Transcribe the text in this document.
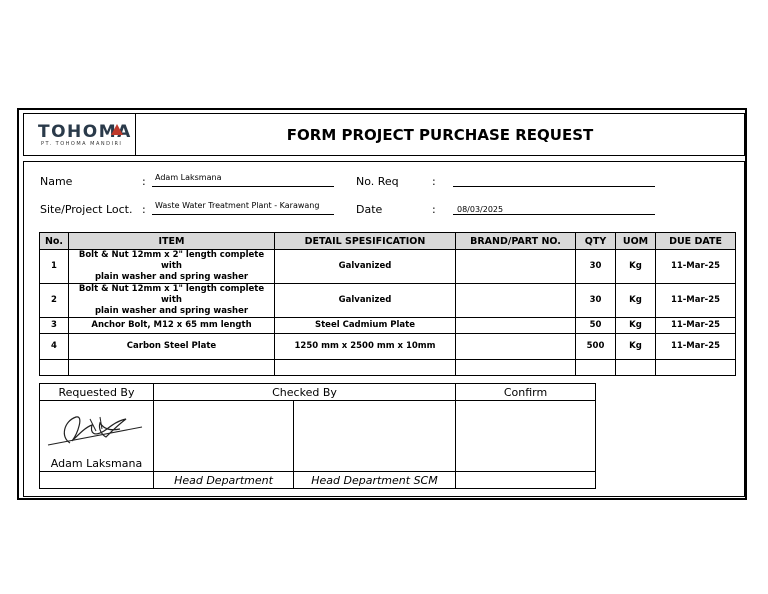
TOHOMA
PT. TOHOMA MANDIRI
FORM PROJECT PURCHASE REQUEST
Name	: Adam Laksmana
Site/Project Loct. : Waste Water Treatment Plant - Karawang
No. Req	:
Date	:	08/03/2025
No.	ITEM	DETAIL SPESIFICATION	BRAND/PART NO.	QTY	UOM	DUE DATE
1	Bolt & Nut 12mm x 2" length complete with
plain washer and spring washer	Galvanized		30	Kg	11-Mar-25
2	Bolt & Nut 12mm x 1" length complete with
plain washer and spring washer	Galvanized		30	Kg	11-Mar-25
3	Anchor Bolt, M12 x 65 mm length	Steel Cadmium Plate		50	Kg	11-Mar-25
4	Carbon Steel Plate	1250 mm x 2500 mm x 10mm		500	Kg	11-Mar-25

Requested By	Checked By		Confirm

Adam Laksmana			

	Head Department	Head Department SCM	
